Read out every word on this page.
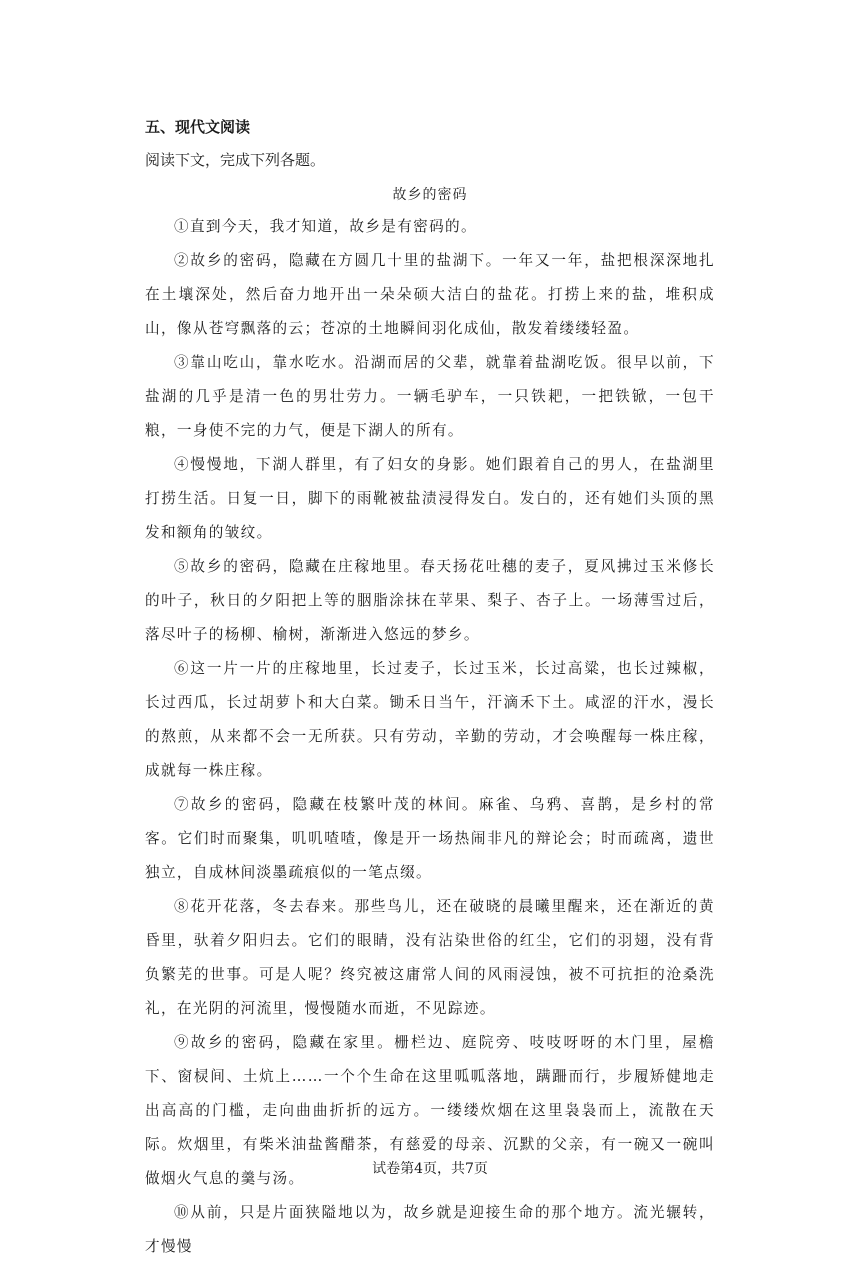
五、现代文阅读
阅读下文，完成下列各题。
故乡的密码

①直到今天，我才知道，故乡是有密码的。

②故乡的密码，隐藏在方圆几十里的盐湖下。一年又一年，盐把根深深地扎在土壤深处，然后奋力地开出一朵朵硕大洁白的盐花。打捞上来的盐，堆积成山，像从苍穹飘落的云；苍凉的土地瞬间羽化成仙，散发着缕缕轻盈。

③靠山吃山，靠水吃水。沿湖而居的父辈，就靠着盐湖吃饭。很早以前，下盐湖的几乎是清一色的男壮劳力。一辆毛驴车，一只铁耙，一把铁锨，一包干粮，一身使不完的力气，便是下湖人的所有。

④慢慢地，下湖人群里，有了妇女的身影。她们跟着自己的男人，在盐湖里打捞生活。日复一日，脚下的雨靴被盐渍浸得发白。发白的，还有她们头顶的黑发和额角的皱纹。

⑤故乡的密码，隐藏在庄稼地里。春天扬花吐穗的麦子，夏风拂过玉米修长的叶子，秋日的夕阳把上等的胭脂涂抹在苹果、梨子、杏子上。一场薄雪过后，落尽叶子的杨柳、榆树，渐渐进入悠远的梦乡。

⑥这一片一片的庄稼地里，长过麦子，长过玉米，长过高粱，也长过辣椒，长过西瓜，长过胡萝卜和大白菜。锄禾日当午，汗滴禾下土。咸涩的汗水，漫长的熬煎，从来都不会一无所获。只有劳动，辛勤的劳动，才会唤醒每一株庄稼，成就每一株庄稼。

⑦故乡的密码，隐藏在枝繁叶茂的林间。麻雀、乌鸦、喜鹊，是乡村的常客。它们时而聚集，叽叽喳喳，像是开一场热闹非凡的辩论会；时而疏离，遗世独立，自成林间淡墨疏痕似的一笔点缀。

⑧花开花落，冬去春来。那些鸟儿，还在破晓的晨曦里醒来，还在渐近的黄昏里，驮着夕阳归去。它们的眼睛，没有沾染世俗的红尘，它们的羽翅，没有背负繁芜的世事。可是人呢？终究被这庸常人间的风雨浸蚀，被不可抗拒的沧桑洗礼，在光阴的河流里，慢慢随水而逝，不见踪迹。

⑨故乡的密码，隐藏在家里。栅栏边、庭院旁、吱吱呀呀的木门里，屋檐下、窗棂间、土炕上……一个个生命在这里呱呱落地，蹒跚而行，步履矫健地走出高高的门槛，走向曲曲折折的远方。一缕缕炊烟在这里袅袅而上，流散在天际。炊烟里，有柴米油盐酱醋茶，有慈爱的母亲、沉默的父亲，有一碗又一碗叫做烟火气息的羹与汤。

⑩从前，只是片面狭隘地以为，故乡就是迎接生命的那个地方。流光辗转，才慢慢

试卷第4页，共7页
